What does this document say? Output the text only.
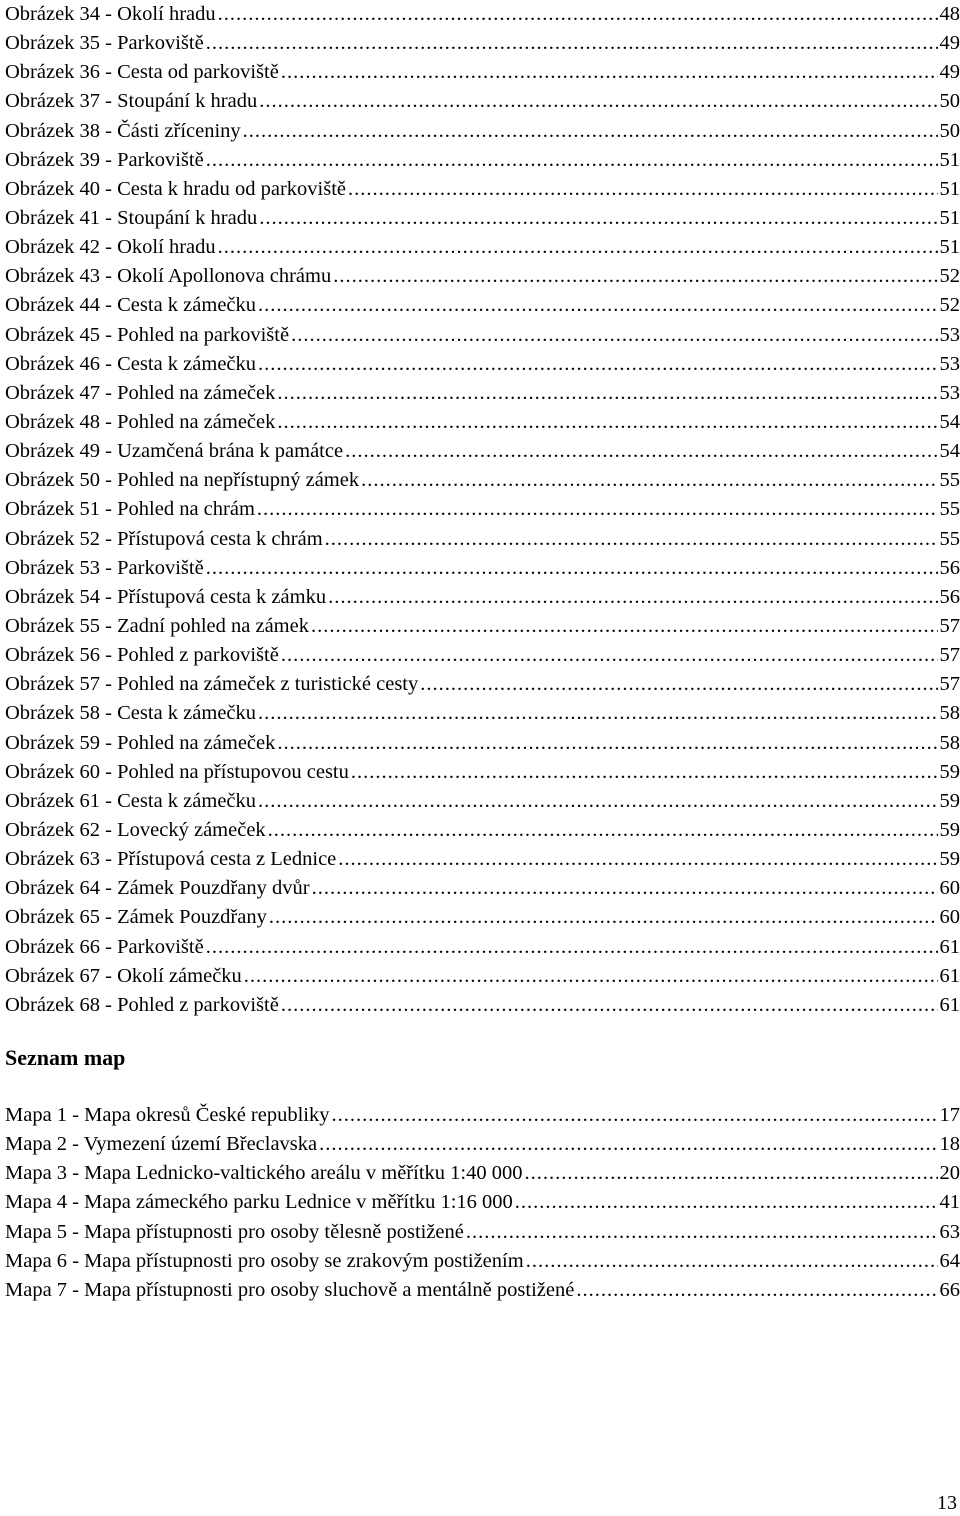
Obrázek 34 - Okolí hradu .....	48
Obrázek 35 - Parkoviště .....	49
Obrázek 36 - Cesta od parkoviště .....	49
Obrázek 37 - Stoupání k hradu .....	50
Obrázek 38 - Části zříceniny .....	50
Obrázek 39 - Parkoviště .....	51
Obrázek 40 - Cesta k hradu od parkoviště .....	51
Obrázek 41 - Stoupání k hradu .....	51
Obrázek 42 - Okolí hradu .....	51
Obrázek 43 - Okolí Apollonova chrámu .....	52
Obrázek 44 - Cesta k zámečku .....	52
Obrázek 45 - Pohled na parkoviště .....	53
Obrázek 46 - Cesta k zámečku .....	53
Obrázek 47 - Pohled na zámeček .....	53
Obrázek 48 - Pohled na zámeček .....	54
Obrázek 49 - Uzamčená brána k památce .....	54
Obrázek 50 - Pohled na nepřístupný zámek .....	55
Obrázek 51 - Pohled na chrám .....	55
Obrázek 52 - Přístupová cesta k chrám .....	55
Obrázek 53 - Parkoviště .....	56
Obrázek 54 - Přístupová cesta k zámku .....	56
Obrázek 55 - Zadní pohled na zámek .....	57
Obrázek 56 - Pohled z parkoviště .....	57
Obrázek 57 - Pohled na zámeček z turistické cesty .....	57
Obrázek 58 - Cesta k zámečku .....	58
Obrázek 59 - Pohled na zámeček .....	58
Obrázek 60 - Pohled na přístupovou cestu .....	59
Obrázek 61 - Cesta k zámečku .....	59
Obrázek 62 - Lovecký zámeček .....	59
Obrázek 63 - Přístupová cesta z Lednice .....	59
Obrázek 64 - Zámek Pouzdřany dvůr .....	60
Obrázek 65 - Zámek Pouzdřany .....	60
Obrázek 66 - Parkoviště .....	61
Obrázek 67 - Okolí zámečku .....	61
Obrázek 68 - Pohled z parkoviště .....	61
Seznam map
Mapa 1 - Mapa okresů České republiky .....	17
Mapa 2 - Vymezení území Břeclavska .....	18
Mapa 3 - Mapa Lednicko-valtického areálu v měřítku 1:40 000 .....	20
Mapa 4 - Mapa zámeckého parku Lednice v měřítku 1:16 000 .....	41
Mapa 5 - Mapa přístupnosti pro osoby tělesně postižené .....	63
Mapa 6 - Mapa přístupnosti pro osoby se zrakovým postižením .....	64
Mapa 7 - Mapa přístupnosti pro osoby sluchově a mentálně postižené .....	66
13
